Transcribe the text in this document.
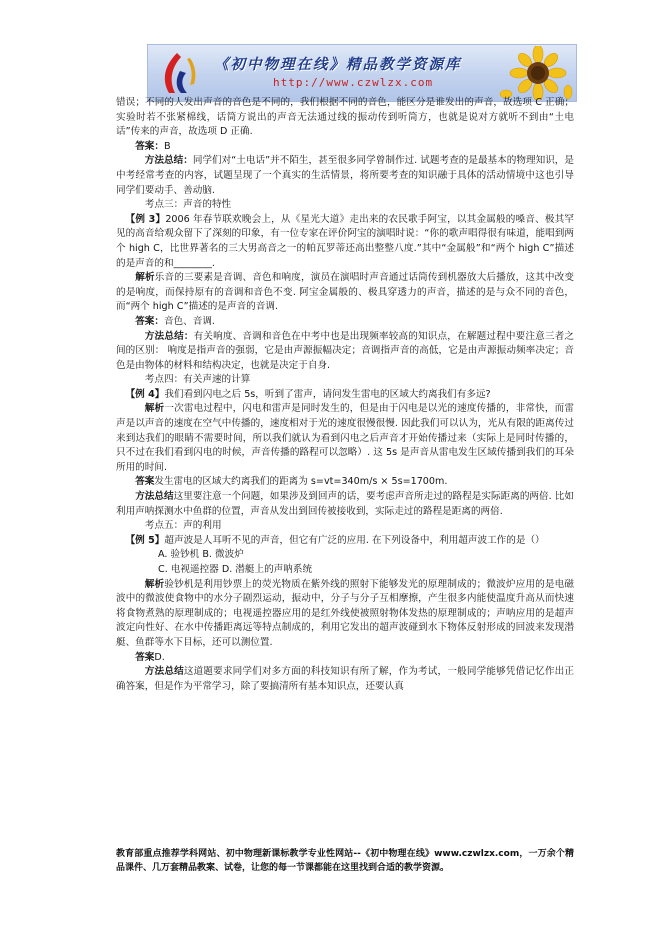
《初中物理在线》精品教学资源库
http://www.czwlzx.com

错误；不同的人发出声音的音色是不同的，我们根据不同的音色，能区分是谁发出的声音，故选项 C 正确；实验时若不张紧棉线，话筒方说出的声音无法通过线的振动传到听筒方，也就是说对方就听不到由“土电话”传来的声音，故选项 D 正确.

答案：B

方法总结：同学们对“土电话”并不陌生，甚至很多同学曾制作过. 试题考查的是最基本的物理知识，是中考经常考查的内容，试题呈现了一个真实的生活情景，将所要考查的知识融于具体的活动情境中这也引导同学们要动手、善动脑.

考点三：声音的特性

【例 3】2006 年春节联欢晚会上，从《星光大道》走出来的农民歌手阿宝，以其金属般的嗓音、极其罕见的高音给观众留下了深刻的印象，有一位专家在评价阿宝的演唱时说：“你的歌声唱得很有味道，能唱到两个 high C，比世界著名的三大男高音之一的帕瓦罗蒂还高出整整八度.”其中“金属般”和“两个 high C”描述的是声音的和________.

解析乐音的三要素是音调、音色和响度，演员在演唱时声音通过话筒传到机器放大后播放，这其中改变的是响度，而保持原有的音调和音色不变. 阿宝金属般的、极具穿透力的声音，描述的是与众不同的音色，而“两个 high C”描述的是声音的音调.

答案：音色、音调.

方法总结：有关响度、音调和音色在中考中也是出现频率较高的知识点，在解题过程中要注意三者之间的区别： 响度是指声音的强弱，它是由声源振幅决定；音调指声音的高低，它是由声源振动频率决定；音色是由物体的材料和结构决定，也就是决定于自身.

考点四：有关声速的计算

【例 4】我们看到闪电之后 5s，听到了雷声，请问发生雷电的区域大约离我们有多远?

解析一次雷电过程中，闪电和雷声是同时发生的，但是由于闪电是以光的速度传播的，非常快，而雷声是以声音的速度在空气中传播的，速度相对于光的速度很慢很慢. 因此我们可以认为，光从有限的距离传过来到达我们的眼睛不需要时间，所以我们就认为看到闪电之后声音才开始传播过来（实际上是同时传播的，只不过在我们看到闪电的时候，声音传播的路程可以忽略）. 这 5s 是声音从雷电发生区域传播到我们的耳朵所用的时间.

答案发生雷电的区域大约离我们的距离为 s=vt=340m/s × 5s=1700m.

方法总结这里要注意一个问题，如果涉及到回声的话，要考虑声音所走过的路程是实际距离的两倍. 比如利用声呐探测水中鱼群的位置，声音从发出到回传被接收到，实际走过的路程是距离的两倍.

考点五：声的利用

【例 5】超声波是人耳听不见的声音，但它有广泛的应用. 在下列设备中，利用超声波工作的是（）

A. 验钞机 B. 微波炉

C. 电视遥控器 D. 潜艇上的声呐系统

解析验钞机是利用钞票上的荧光物质在紫外线的照射下能够发光的原理制成的；微波炉应用的是电磁波中的微波使食物中的水分子剧烈运动，振动中，分子与分子互相摩擦，产生很多内能使温度升高从而快速将食物煮熟的原理制成的；电视遥控器应用的是红外线使被照射物体发热的原理制成的；声呐应用的是超声波定向性好、在水中传播距离远等特点制成的，利用它发出的超声波碰到水下物体反射形成的回波来发现潜艇、鱼群等水下目标，还可以测位置.

答案D.

方法总结这道题要求同学们对多方面的科技知识有所了解，作为考试，一般同学能够凭借记忆作出正确答案，但是作为平常学习，除了要搞清所有基本知识点，还要认真

教育部重点推荐学科网站、初中物理新课标教学专业性网站--《初中物理在线》www.czwlzx.com，一万余个精品课件、几万套精品教案、试卷，让您的每一节课都能在这里找到合适的教学资源。
